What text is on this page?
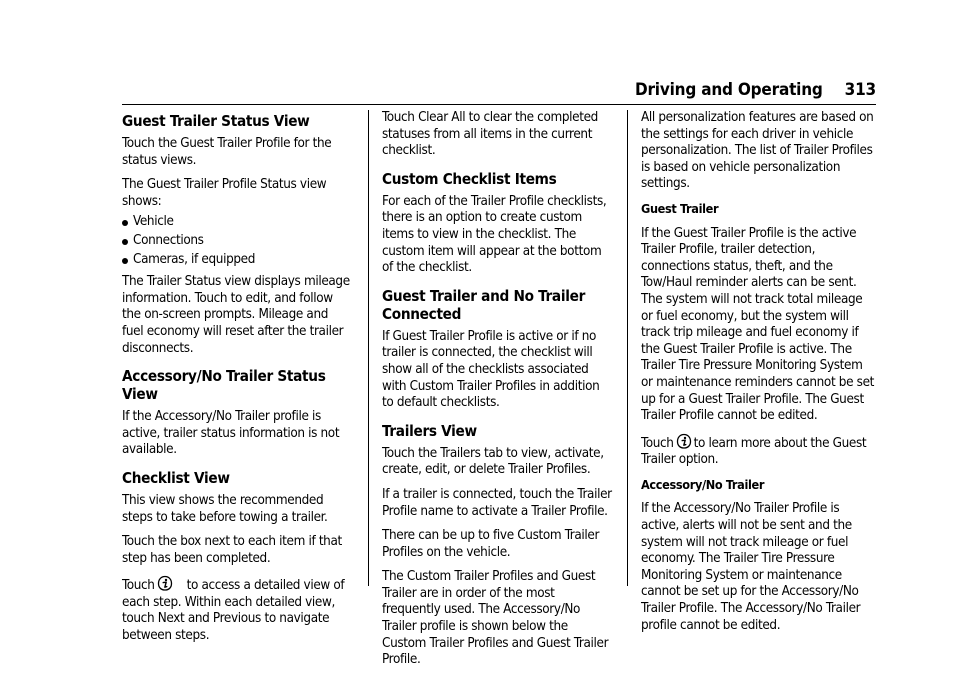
Driving and Operating 313
Guest Trailer Status View

Touch the Guest Trailer Profile for the status views.

The Guest Trailer Profile Status view shows:

Vehicle
Connections
Cameras, if equipped

The Trailer Status view displays mileage information. Touch to edit, and follow the on-screen prompts. Mileage and fuel economy will reset after the trailer disconnects.

Accessory/No Trailer Status View

If the Accessory/No Trailer profile is active, trailer status information is not available.

Checklist View

This view shows the recommended steps to take before towing a trailer.

Touch the box next to each item if that step has been completed.

Touch to access a detailed view of
each step. Within each detailed view, touch Next and Previous to navigate between steps.

Touch Clear All to clear the completed statuses from all items in the current checklist.

Custom Checklist Items

For each of the Trailer Profile checklists, there is an option to create custom items to view in the checklist. The custom item will appear at the bottom of the checklist.

Guest Trailer and No Trailer Connected

If Guest Trailer Profile is active or if no trailer is connected, the checklist will show all of the checklists associated with Custom Trailer Profiles in addition to default checklists.

Trailers View

Touch the Trailers tab to view, activate, create, edit, or delete Trailer Profiles.

If a trailer is connected, touch the Trailer Profile name to activate a Trailer Profile.

There can be up to five Custom Trailer Profiles on the vehicle.

The Custom Trailer Profiles and Guest Trailer are in order of the most frequently used. The Accessory/No Trailer profile is shown below the Custom Trailer Profiles and Guest Trailer Profile.

All personalization features are based on the settings for each driver in vehicle personalization. The list of Trailer Profiles is based on vehicle personalization settings.

Guest Trailer

If the Guest Trailer Profile is the active Trailer Profile, trailer detection, connections status, theft, and the Tow/Haul reminder alerts can be sent. The system will not track total mileage or fuel economy, but the system will track trip mileage and fuel economy if the Guest Trailer Profile is active. The Trailer Tire Pressure Monitoring System or maintenance reminders cannot be set up for a Guest Trailer Profile. The Guest Trailer Profile cannot be edited.

Touch to learn more about the Guest Trailer option.

Accessory/No Trailer

If the Accessory/No Trailer Profile is active, alerts will not be sent and the system will not track mileage or fuel economy. The Trailer Tire Pressure Monitoring System or maintenance cannot be set up for the Accessory/No Trailer Profile. The Accessory/No Trailer profile cannot be edited.
